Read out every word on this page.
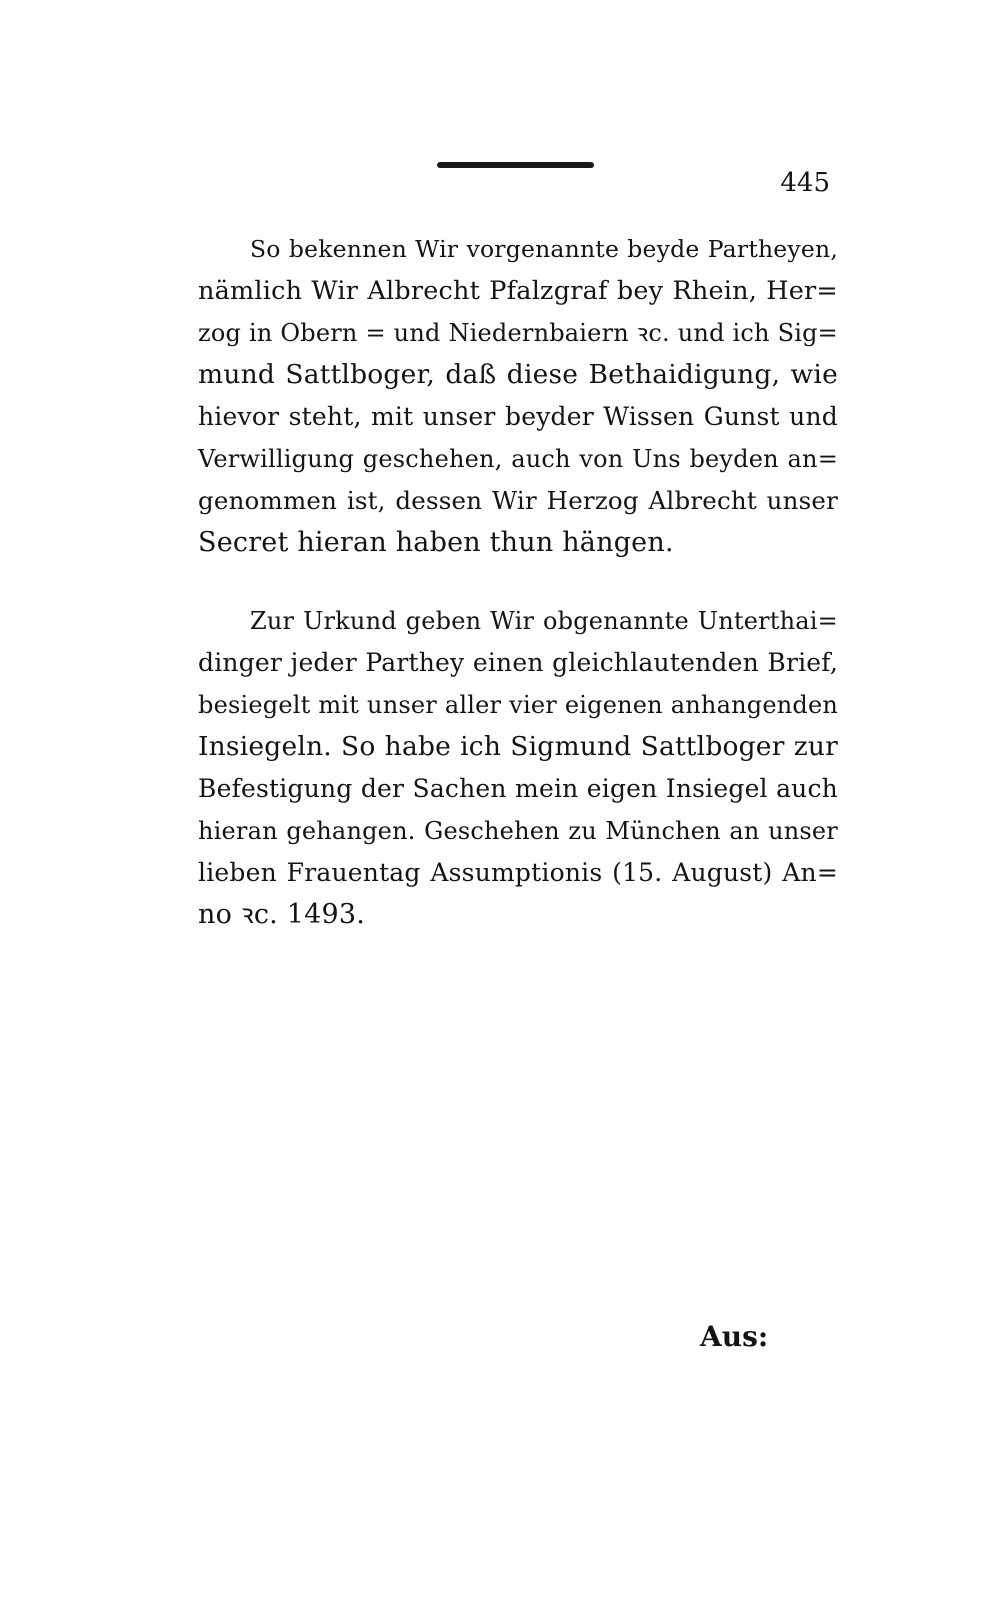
445
So bekennen Wir vorgenannte beyde Partheyen,
nämlich Wir Albrecht Pfalzgraf bey Rhein, Her=
zog in Obern = und Niedernbaiern ꝛc. und ich Sig=
mund Sattlboger, daß diese Bethaidigung, wie
hievor steht, mit unser beyder Wissen Gunst und
Verwilligung geschehen, auch von Uns beyden an=
genommen ist, dessen Wir Herzog Albrecht unser
Secret hieran haben thun hängen.
Zur Urkund geben Wir obgenannte Unterthai=
dinger jeder Parthey einen gleichlautenden Brief,
besiegelt mit unser aller vier eigenen anhangenden
Insiegeln. So habe ich Sigmund Sattlboger zur
Befestigung der Sachen mein eigen Insiegel auch
hieran gehangen. Geschehen zu München an unser
lieben Frauentag Assumptionis (15. August) An=
no ꝛc. 1493.
Aus:
